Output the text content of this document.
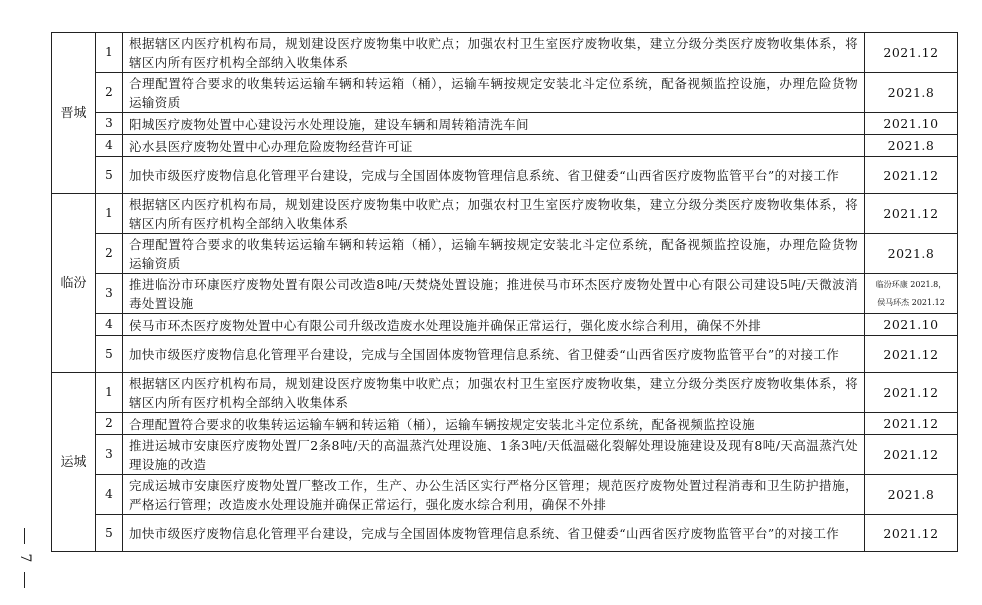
7
晋城	1	根据辖区内医疗机构布局，规划建设医疗废物集中收贮点；加强农村卫生室医疗废物收集，建立分级分类医疗废物收集体系，将辖区内所有医疗机构全部纳入收集体系	2021.12
	2	合理配置符合要求的收集转运运输车辆和转运箱（桶），运输车辆按规定安装北斗定位系统，配备视频监控设施，办理危险货物运输资质	2021.8
	3	阳城医疗废物处置中心建设污水处理设施，建设车辆和周转箱清洗车间	2021.10
	4	沁水县医疗废物处置中心办理危险废物经营许可证	2021.8
	5	加快市级医疗废物信息化管理平台建设，完成与全国固体废物管理信息系统、省卫健委“山西省医疗废物监管平台”的对接工作	2021.12
临汾	1	根据辖区内医疗机构布局，规划建设医疗废物集中收贮点；加强农村卫生室医疗废物收集，建立分级分类医疗废物收集体系，将辖区内所有医疗机构全部纳入收集体系	2021.12
	2	合理配置符合要求的收集转运运输车辆和转运箱（桶），运输车辆按规定安装北斗定位系统，配备视频监控设施，办理危险货物运输资质	2021.8
	3	推进临汾市环康医疗废物处置有限公司改造8吨/天焚烧处置设施；推进侯马市环杰医疗废物处置中心有限公司建设5吨/天微波消毒处置设施	临汾环康 2021.8，
侯马环杰 2021.12

	4	侯马市环杰医疗废物处置中心有限公司升级改造废水处理设施并确保正常运行，强化废水综合利用，确保不外排	2021.10
	5	加快市级医疗废物信息化管理平台建设，完成与全国固体废物管理信息系统、省卫健委“山西省医疗废物监管平台”的对接工作	2021.12
运城	1	根据辖区内医疗机构布局，规划建设医疗废物集中收贮点；加强农村卫生室医疗废物收集，建立分级分类医疗废物收集体系，将辖区内所有医疗机构全部纳入收集体系	2021.12
	2	合理配置符合要求的收集转运运输车辆和转运箱（桶），运输车辆按规定安装北斗定位系统，配备视频监控设施	2021.12
	3	推进运城市安康医疗废物处置厂2条8吨/天的高温蒸汽处理设施、1条3吨/天低温磁化裂解处理设施建设及现有8吨/天高温蒸汽处理设施的改造	2021.12
	4	完成运城市安康医疗废物处置厂整改工作，生产、办公生活区实行严格分区管理；规范医疗废物处置过程消毒和卫生防护措施，严格运行管理；改造废水处理设施并确保正常运行，强化废水综合利用，确保不外排	2021.8
	5	加快市级医疗废物信息化管理平台建设，完成与全国固体废物管理信息系统、省卫健委“山西省医疗废物监管平台”的对接工作	2021.12
